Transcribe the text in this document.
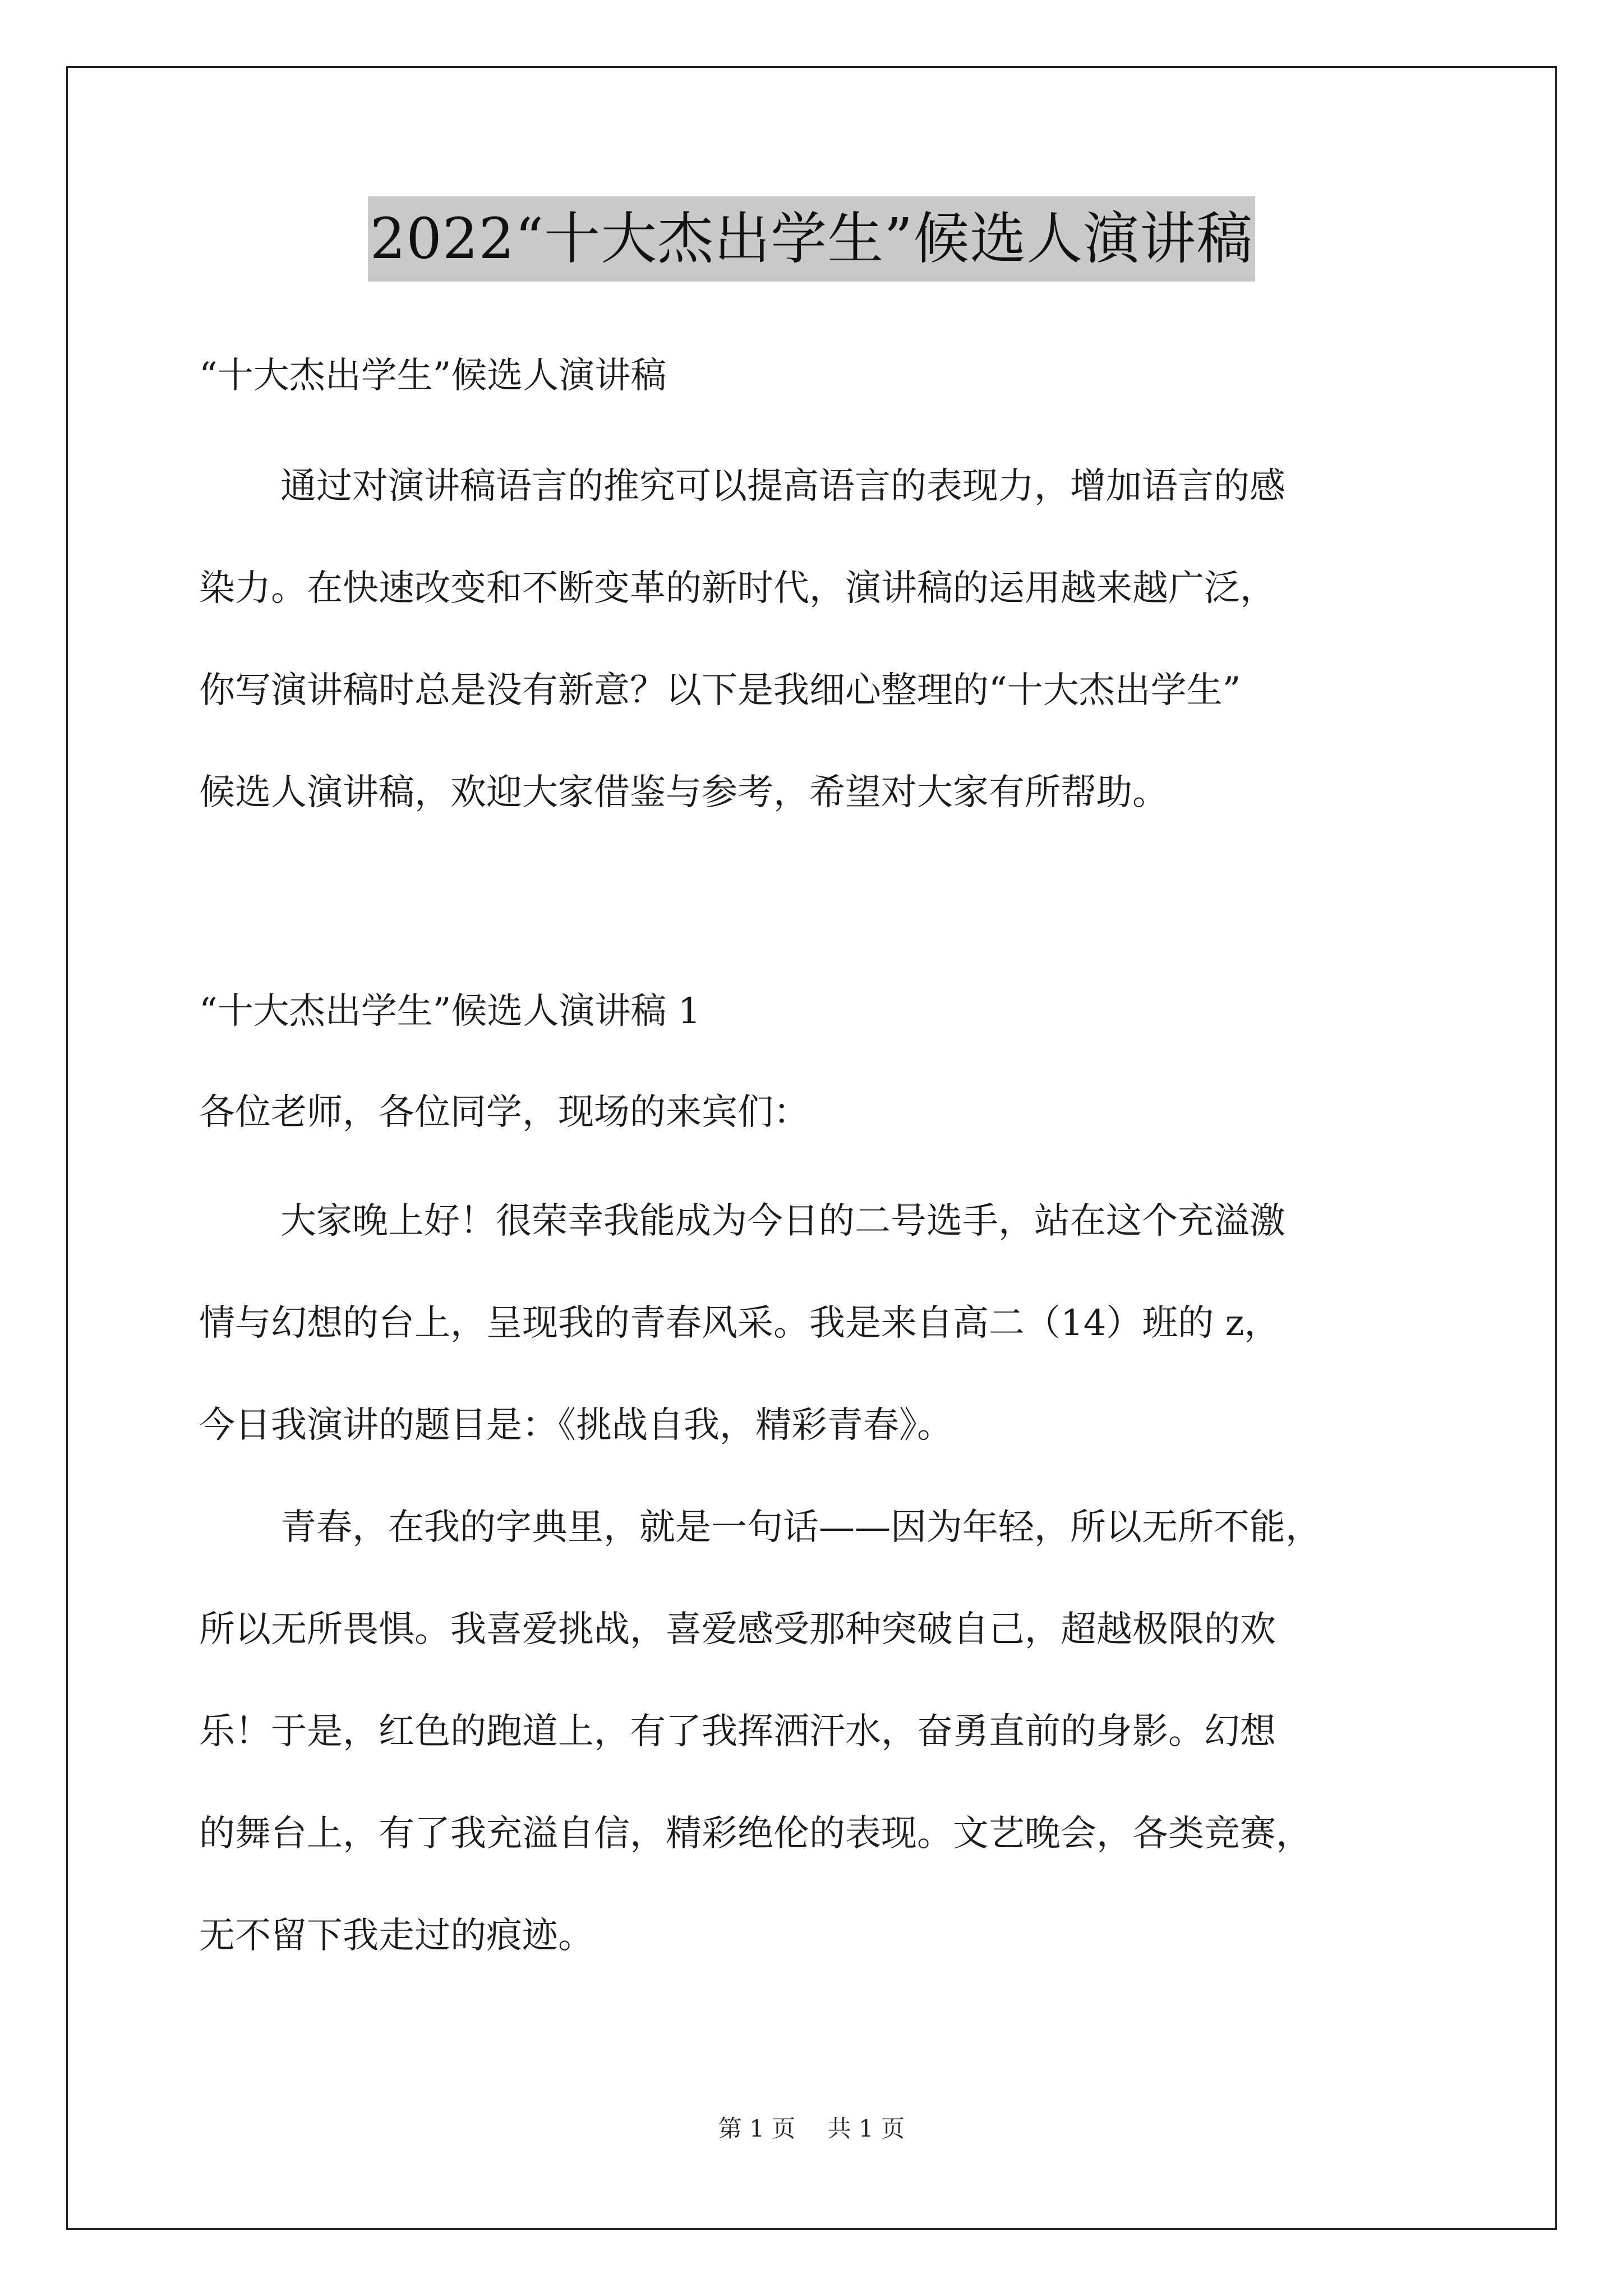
2022“十大杰出学生”候选人演讲稿
“十大杰出学生”候选人演讲稿
通过对演讲稿语言的推究可以提高语言的表现力，增加语言的感
染力。在快速改变和不断变革的新时代，演讲稿的运用越来越广泛，
你写演讲稿时总是没有新意？以下是我细心整理的“十大杰出学生”
候选人演讲稿，欢迎大家借鉴与参考，希望对大家有所帮助。
“十大杰出学生”候选人演讲稿 1
各位老师，各位同学，现场的来宾们：
大家晚上好！很荣幸我能成为今日的二号选手，站在这个充溢激
情与幻想的台上，呈现我的青春风采。我是来自高二（14）班的 z，
今日我演讲的题目是：《挑战自我，精彩青春》。
青春，在我的字典里，就是一句话——因为年轻，所以无所不能，
所以无所畏惧。我喜爱挑战，喜爱感受那种突破自己，超越极限的欢
乐！于是，红色的跑道上，有了我挥洒汗水，奋勇直前的身影。幻想
的舞台上，有了我充溢自信，精彩绝伦的表现。文艺晚会，各类竞赛，
无不留下我走过的痕迹。
第 1 页 共 1 页
